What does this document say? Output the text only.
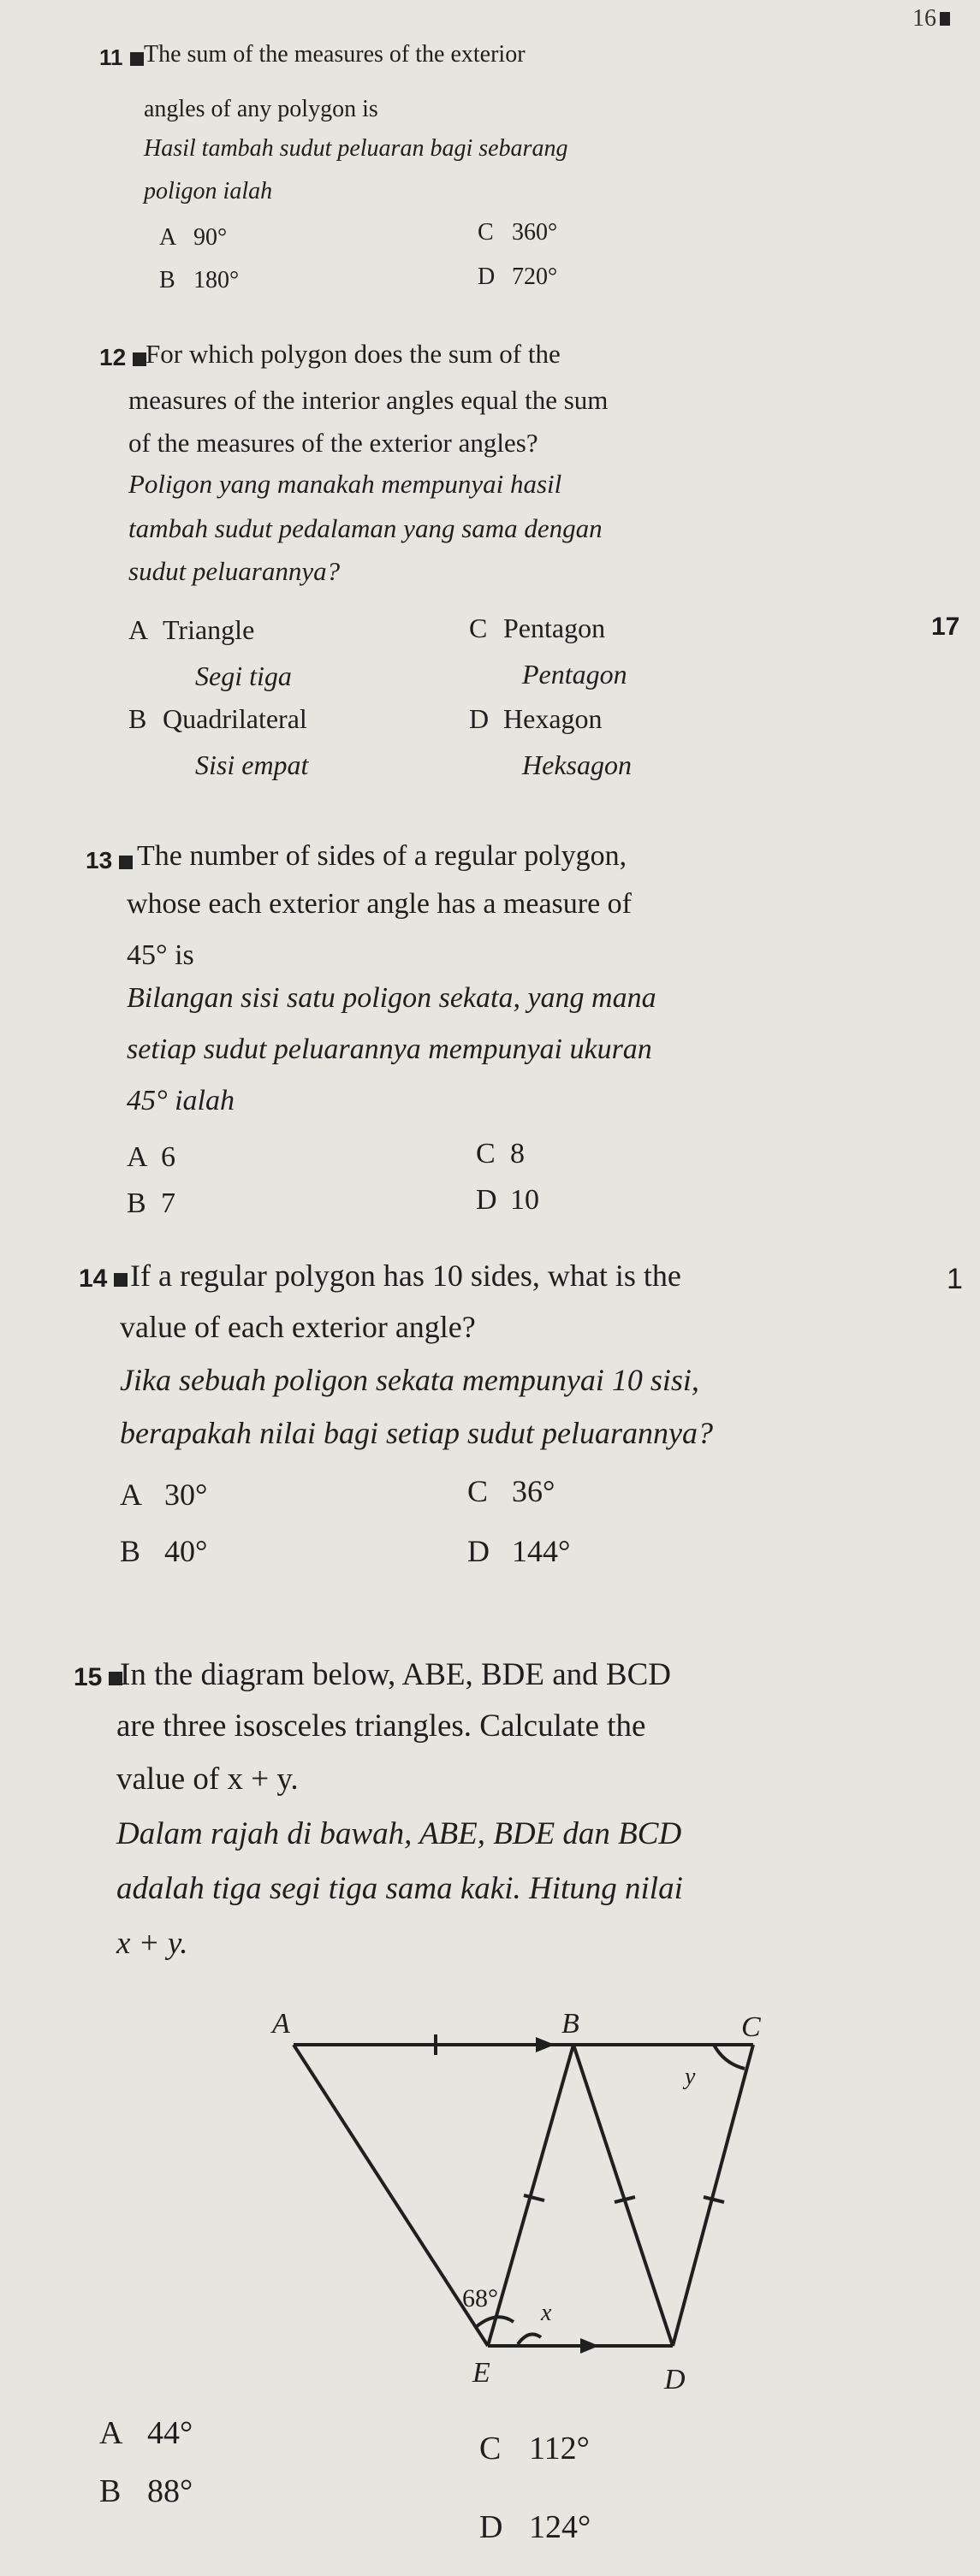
16
11 The sum of the measures of the exterior
angles of any polygon is
Hasil tambah sudut peluaran bagi sebarang
poligon ialah
A 90°
B 180°
C 360°
D 720°
12 For which polygon does the sum of the
measures of the interior angles equal the sum
of the measures of the exterior angles?
Poligon yang manakah mempunyai hasil
tambah sudut pedalaman yang sama dengan
sudut peluarannya?
A Triangle
Segi tiga
B Quadrilateral
Sisi empat
C Pentagon
Pentagon
D Hexagon
Heksagon
17
13 The number of sides of a regular polygon,
whose each exterior angle has a measure of
45° is
Bilangan sisi satu poligon sekata, yang mana
setiap sudut peluarannya mempunyai ukuran
45° ialah
A 6
B 7
C 8
D 10
14 If a regular polygon has 10 sides, what is the
value of each exterior angle?
Jika sebuah poligon sekata mempunyai 10 sisi,
berapakah nilai bagi setiap sudut peluarannya?
A 30°
B 40°
C 36°
D 144°
1
15 In the diagram below, ABE, BDE and BCD
are three isosceles triangles. Calculate the
value of x + y.
Dalam rajah di bawah, ABE, BDE dan BCD
adalah tiga segi tiga sama kaki. Hitung nilai
x + y.
A	B	C
D
E
68°
x
y
A 44°
B 88°
C 112°
D 124°
